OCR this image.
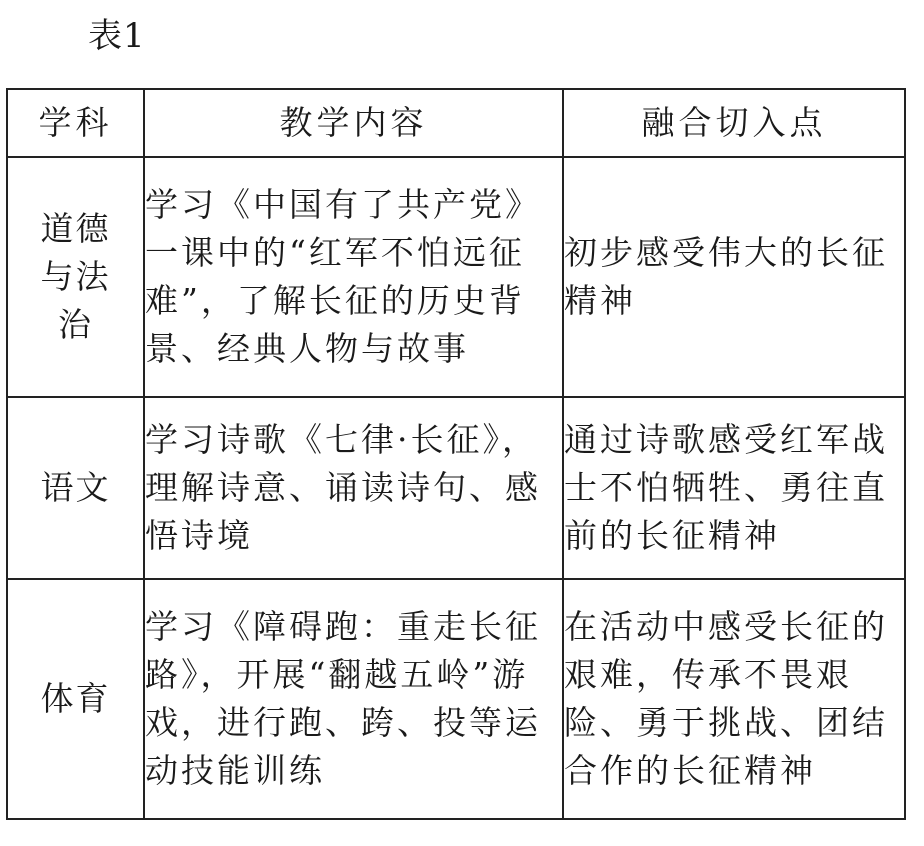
表1
学科	教学内容	融合切入点
道德与法治	学习《中国有了共产党》一课中的“红军不怕远征难”，了解长征的历史背景、经典人物与故事	初步感受伟大的长征精神
语文	学习诗歌《七律·长征》，理解诗意、诵读诗句、感悟诗境	通过诗歌感受红军战士不怕牺牲、勇往直前的长征精神
体育	学习《障碍跑：重走长征路》，开展“翻越五岭”游戏，进行跑、跨、投等运动技能训练	在活动中感受长征的艰难，传承不畏艰险、勇于挑战、团结合作的长征精神
